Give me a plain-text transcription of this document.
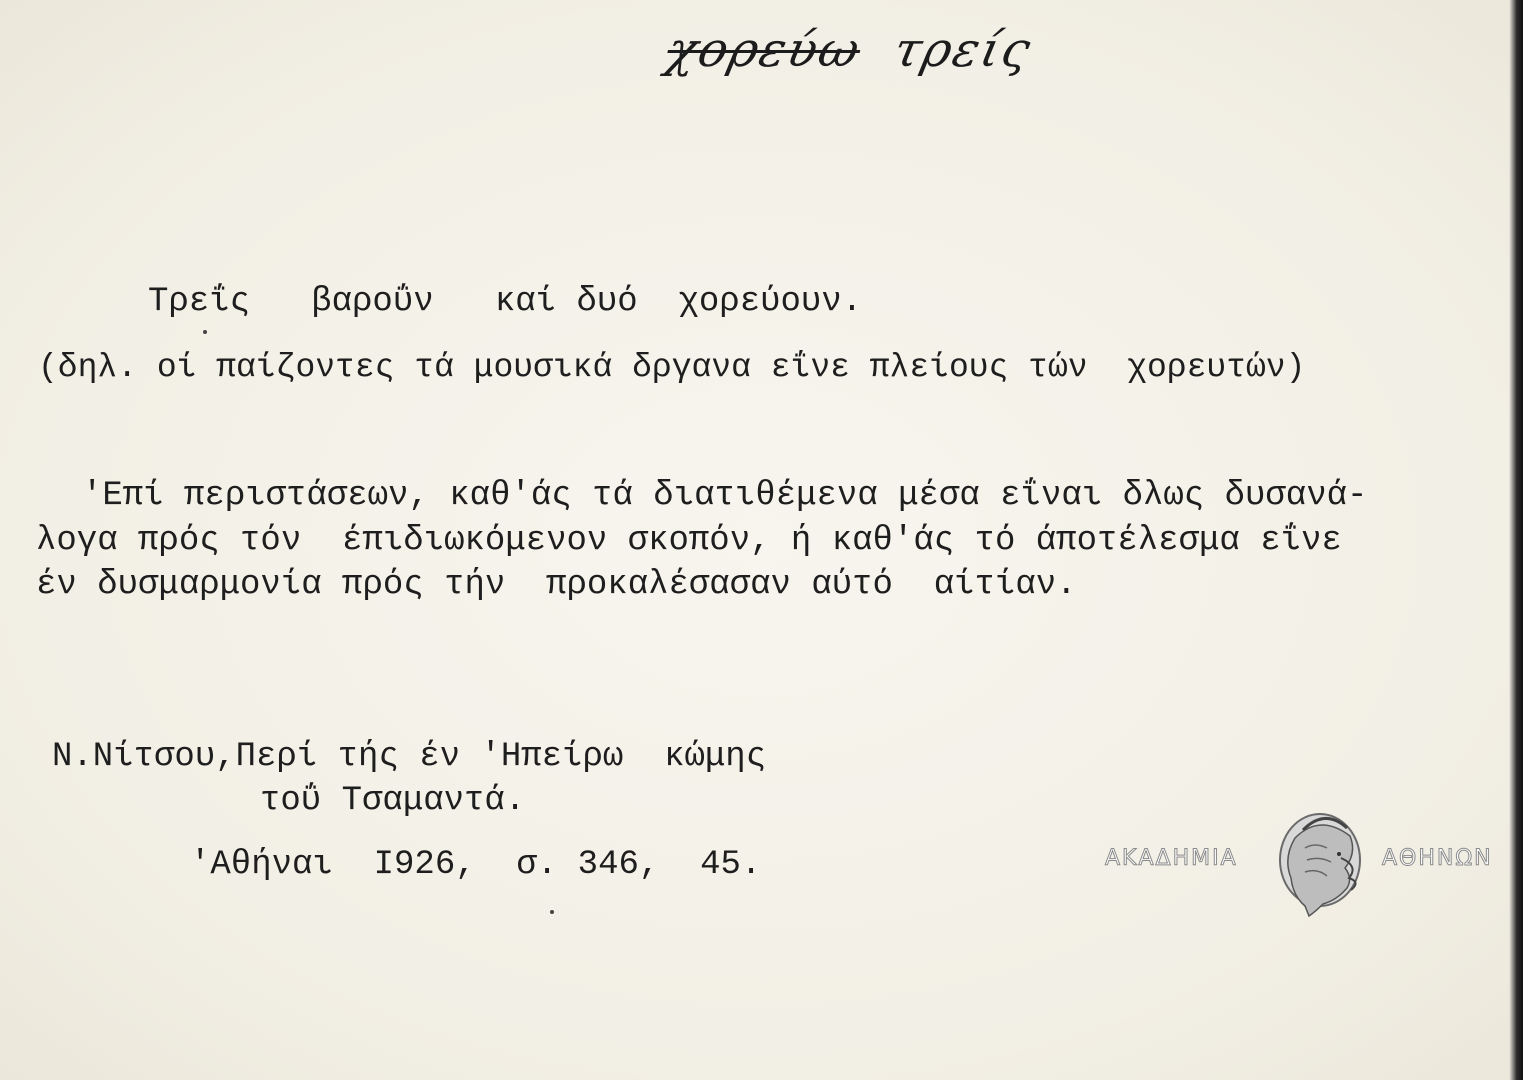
χορεύω τρείς
Τρεΐς   βαροΰν   καί δυό  χορεύουν.
(δηλ. οί παίζοντες τά μουσικά δργανα εΐνε πλείους τών  χορευτών)
'Επί περιστάσεων, καθ'άς τά διατιθέμενα μέσα εΐναι δλως δυσανά-
λογα πρός τόν  έπιδιωκόμενον σκοπόν, ή καθ'άς τό άποτέλεσμα εΐνε
έν δυσμαρμονία πρός τήν  προκαλέσασαν αύτό  αίτίαν.
Ν.Νίτσου,Περί τής έν 'Ηπείρω  κώμης
τοΰ Τσαμαντά.
'Αθήναι  Ι926,  σ. 346,  45.	ΑΚΑΔΗΜΙΑ	ΑΘΗΝΩΝ
